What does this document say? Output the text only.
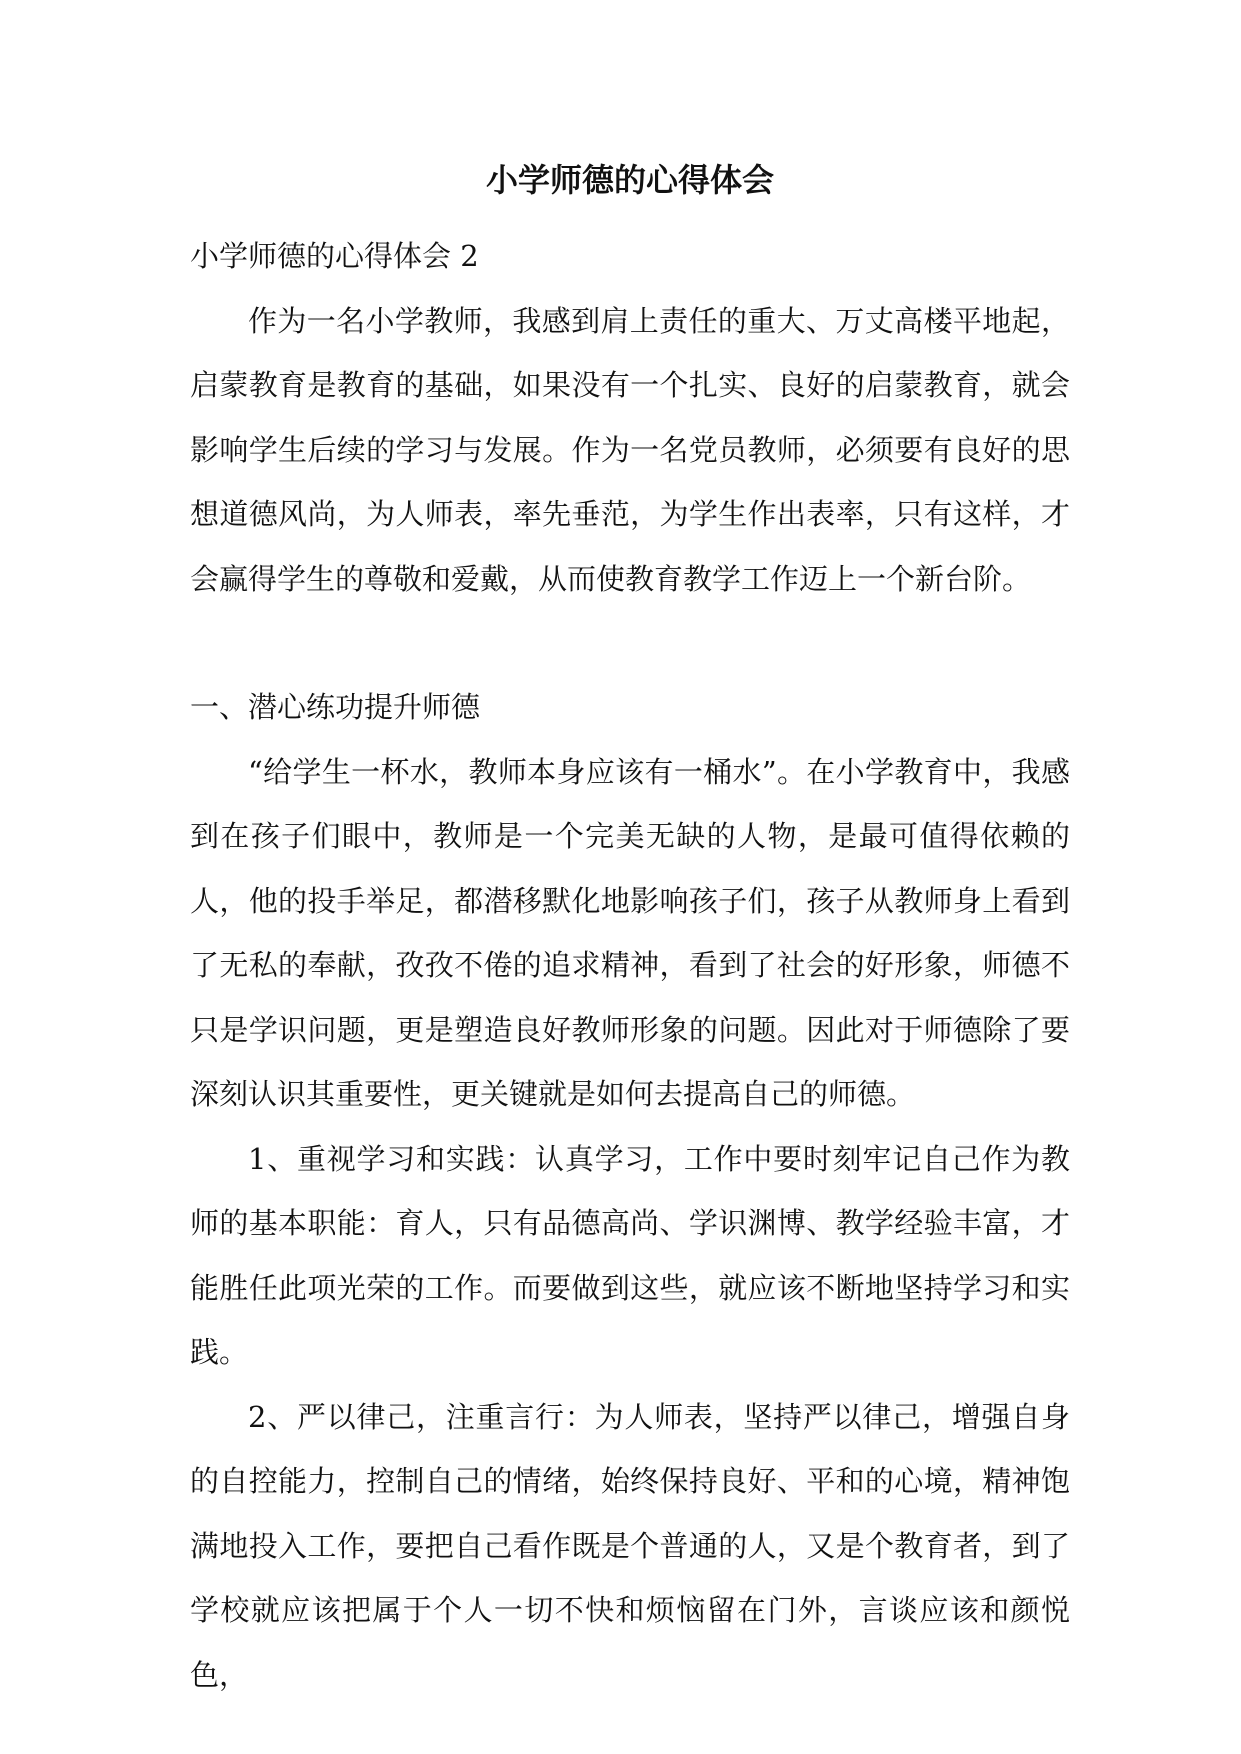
小学师德的心得体会

小学师德的心得体会 2

作为一名小学教师，我感到肩上责任的重大、万丈高楼平地起，启蒙教育是教育的基础，如果没有一个扎实、良好的启蒙教育，就会影响学生后续的学习与发展。作为一名党员教师，必须要有良好的思想道德风尚，为人师表，率先垂范，为学生作出表率，只有这样，才会赢得学生的尊敬和爱戴，从而使教育教学工作迈上一个新台阶。

一、潜心练功提升师德

“给学生一杯水，教师本身应该有一桶水”。在小学教育中，我感到在孩子们眼中，教师是一个完美无缺的人物，是最可值得依赖的人，他的投手举足，都潜移默化地影响孩子们，孩子从教师身上看到了无私的奉献，孜孜不倦的追求精神，看到了社会的好形象，师德不只是学识问题，更是塑造良好教师形象的问题。因此对于师德除了要深刻认识其重要性，更关键就是如何去提高自己的师德。

1、重视学习和实践：认真学习，工作中要时刻牢记自己作为教师的基本职能：育人，只有品德高尚、学识渊博、教学经验丰富，才能胜任此项光荣的工作。而要做到这些，就应该不断地坚持学习和实践。

2、严以律己，注重言行：为人师表，坚持严以律己，增强自身的自控能力，控制自己的情绪，始终保持良好、平和的心境，精神饱满地投入工作，要把自己看作既是个普通的人，又是个教育者，到了学校就应该把属于个人一切不快和烦恼留在门外，言谈应该和颜悦色，
